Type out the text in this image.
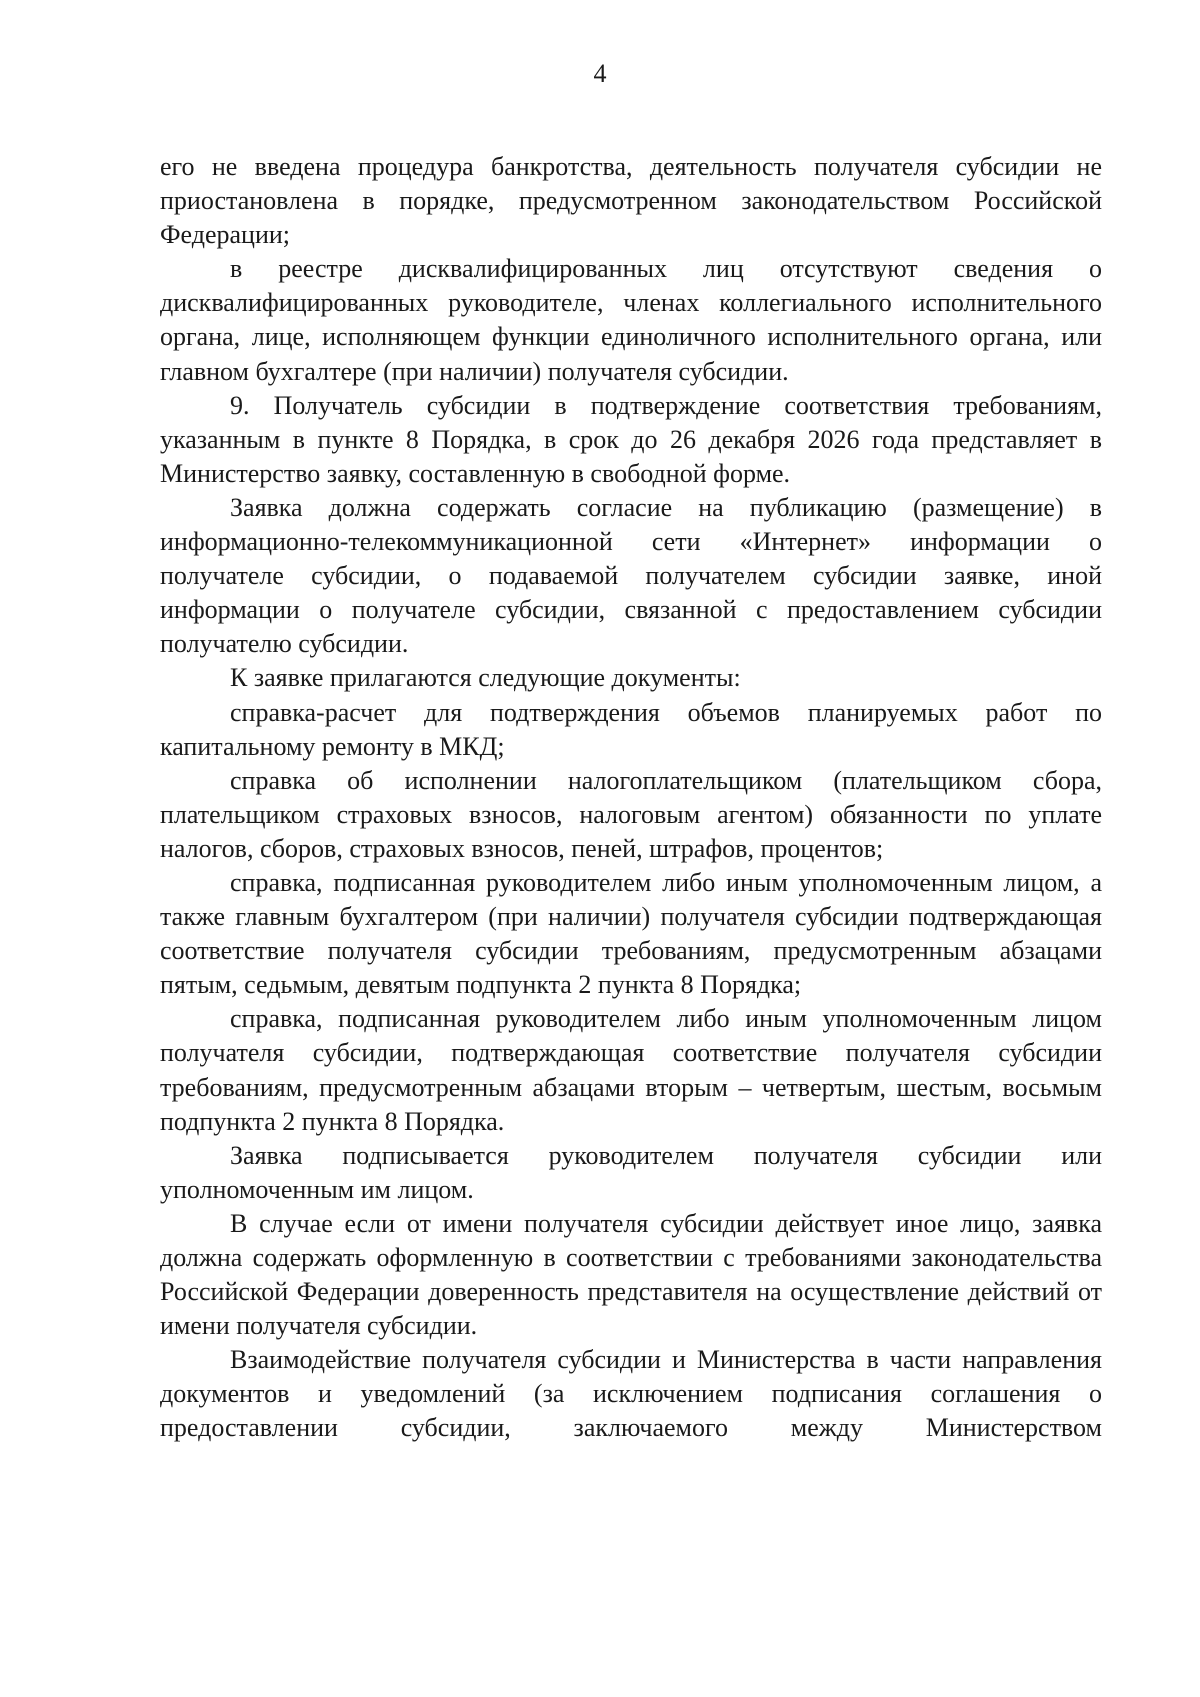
4

его не введена процедура банкротства, деятельность получателя субсидии не приостановлена в порядке, предусмотренном законодательством Российской Федерации;

в реестре дисквалифицированных лиц отсутствуют сведения о дисквалифицированных руководителе, членах коллегиального исполнительного органа, лице, исполняющем функции единоличного исполнительного органа, или главном бухгалтере (при наличии) получателя субсидии.

9. Получатель субсидии в подтверждение соответствия требованиям, указанным в пункте 8 Порядка, в срок до 26 декабря 2026 года представляет в Министерство заявку, составленную в свободной форме.

Заявка должна содержать согласие на публикацию (размещение) в информационно-телекоммуникационной сети «Интернет» информации о получателе субсидии, о подаваемой получателем субсидии заявке, иной информации о получателе субсидии, связанной с предоставлением субсидии получателю субсидии.

К заявке прилагаются следующие документы:

справка-расчет для подтверждения объемов планируемых работ по капитальному ремонту в МКД;

справка об исполнении налогоплательщиком (плательщиком сбора, плательщиком страховых взносов, налоговым агентом) обязанности по уплате налогов, сборов, страховых взносов, пеней, штрафов, процентов;

справка, подписанная руководителем либо иным уполномоченным лицом, а также главным бухгалтером (при наличии) получателя субсидии подтверждающая соответствие получателя субсидии требованиям, предусмотренным абзацами пятым, седьмым, девятым подпункта 2 пункта 8 Порядка;

справка, подписанная руководителем либо иным уполномоченным лицом получателя субсидии, подтверждающая соответствие получателя субсидии требованиям, предусмотренным абзацами вторым – четвертым, шестым, восьмым подпункта 2 пункта 8 Порядка.

Заявка подписывается руководителем получателя субсидии или уполномоченным им лицом.

В случае если от имени получателя субсидии действует иное лицо, заявка должна содержать оформленную в соответствии с требованиями законодательства Российской Федерации доверенность представителя на осуществление действий от имени получателя субсидии.

Взаимодействие получателя субсидии и Министерства в части направления документов и уведомлений (за исключением подписания соглашения о предоставлении субсидии, заключаемого между Министерством
